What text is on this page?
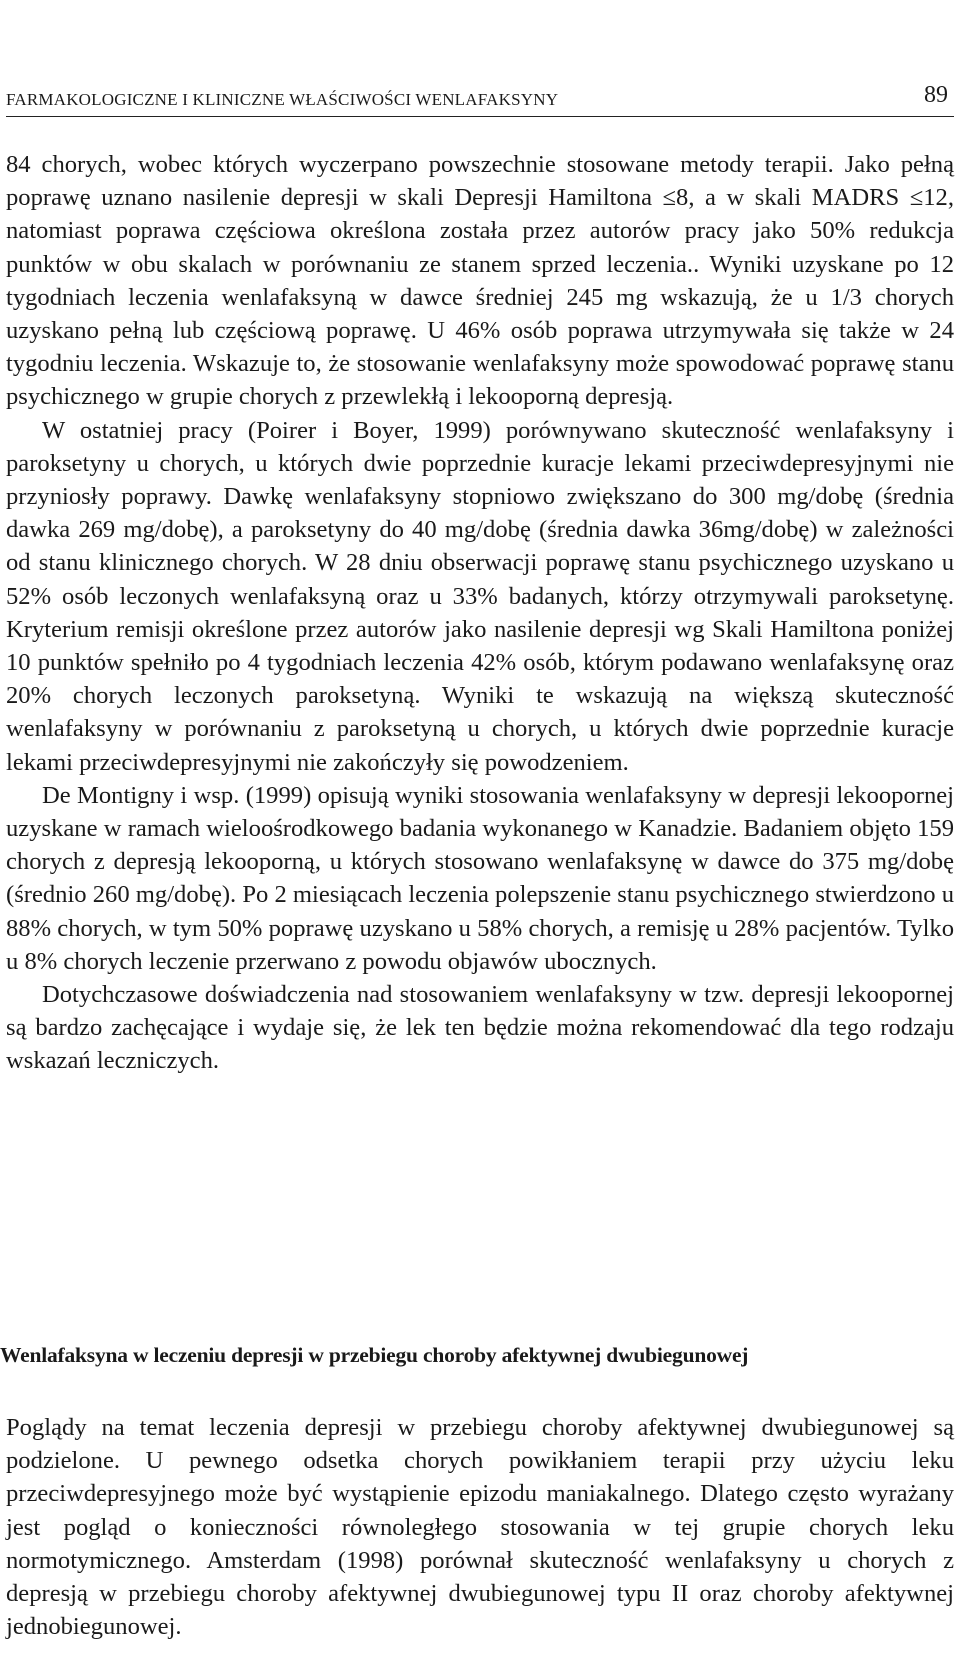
FARMAKOLOGICZNE I KLINICZNE WŁAŚCIWOŚCI WENLAFAKSYNY	89

84 chorych, wobec których wyczerpano powszechnie stosowane metody terapii. Jako pełną poprawę uznano nasilenie depresji w skali Depresji Hamiltona ≤8, a w skali MADRS ≤12, natomiast poprawa częściowa określona została przez autorów pracy jako 50% redukcja punktów w obu skalach w porównaniu ze stanem sprzed leczenia.. Wyniki uzyskane po 12 tygodniach leczenia wenlafaksyną w dawce średniej 245 mg wskazują, że u 1/3 chorych uzyskano pełną lub częściową poprawę. U 46% osób poprawa utrzymywała się także w 24 tygodniu leczenia. Wskazuje to, że stosowanie wenlafaksyny może spowodować poprawę stanu psychicznego w grupie chorych z przewlekłą i lekooporną depresją.

W ostatniej pracy (Poirer i Boyer, 1999) porównywano skuteczność wenlafaksyny i paroksetyny u chorych, u których dwie poprzednie kuracje lekami przeciwdepresyjnymi nie przyniosły poprawy. Dawkę wenlafaksyny stopniowo zwiększano do 300 mg/dobę (średnia dawka 269 mg/dobę), a paroksetyny do 40 mg/dobę (średnia dawka 36mg/dobę) w zależności od stanu klinicznego chorych. W 28 dniu obserwacji poprawę stanu psychicznego uzyskano u 52% osób leczonych wenlafaksyną oraz u 33% badanych, którzy otrzymywali paroksetynę. Kryterium remisji określone przez autorów jako nasilenie depresji wg Skali Hamiltona poniżej 10 punktów spełniło po 4 tygodniach leczenia 42% osób, którym podawano wenlafaksynę oraz 20% chorych leczonych paroksetyną. Wyniki te wskazują na większą skuteczność wenlafaksyny w porównaniu z paroksetyną u chorych, u których dwie poprzednie kuracje lekami przeciwdepresyjnymi nie zakończyły się powodzeniem.

De Montigny i wsp. (1999) opisują wyniki stosowania wenlafaksyny w depresji lekoopornej uzyskane w ramach wieloośrodkowego badania wykonanego w Kanadzie. Badaniem objęto 159 chorych z depresją lekooporną, u których stosowano wenlafaksynę w dawce do 375 mg/dobę (średnio 260 mg/dobę). Po 2 miesiącach leczenia polepszenie stanu psychicznego stwierdzono u 88% chorych, w tym 50% poprawę uzyskano u 58% chorych, a remisję u 28% pacjentów. Tylko u 8% chorych leczenie przerwano z powodu objawów ubocznych.

Dotychczasowe doświadczenia nad stosowaniem wenlafaksyny w tzw. depresji lekoopornej są bardzo zachęcające i wydaje się, że lek ten będzie można rekomendować dla tego rodzaju wskazań leczniczych.

Wenlafaksyna w leczeniu depresji w przebiegu choroby afektywnej dwubiegunowej

Poglądy na temat leczenia depresji w przebiegu choroby afektywnej dwubiegunowej są podzielone. U pewnego odsetka chorych powikłaniem terapii przy użyciu leku przeciwdepresyjnego może być wystąpienie epizodu maniakalnego. Dlatego często wyrażany jest pogląd o konieczności równoległego stosowania w tej grupie chorych leku normotymicznego. Amsterdam (1998) porównał skuteczność wenlafaksyny u chorych z depresją w przebiegu choroby afektywnej dwubiegunowej typu II oraz choroby afektywnej jednobiegunowej.
